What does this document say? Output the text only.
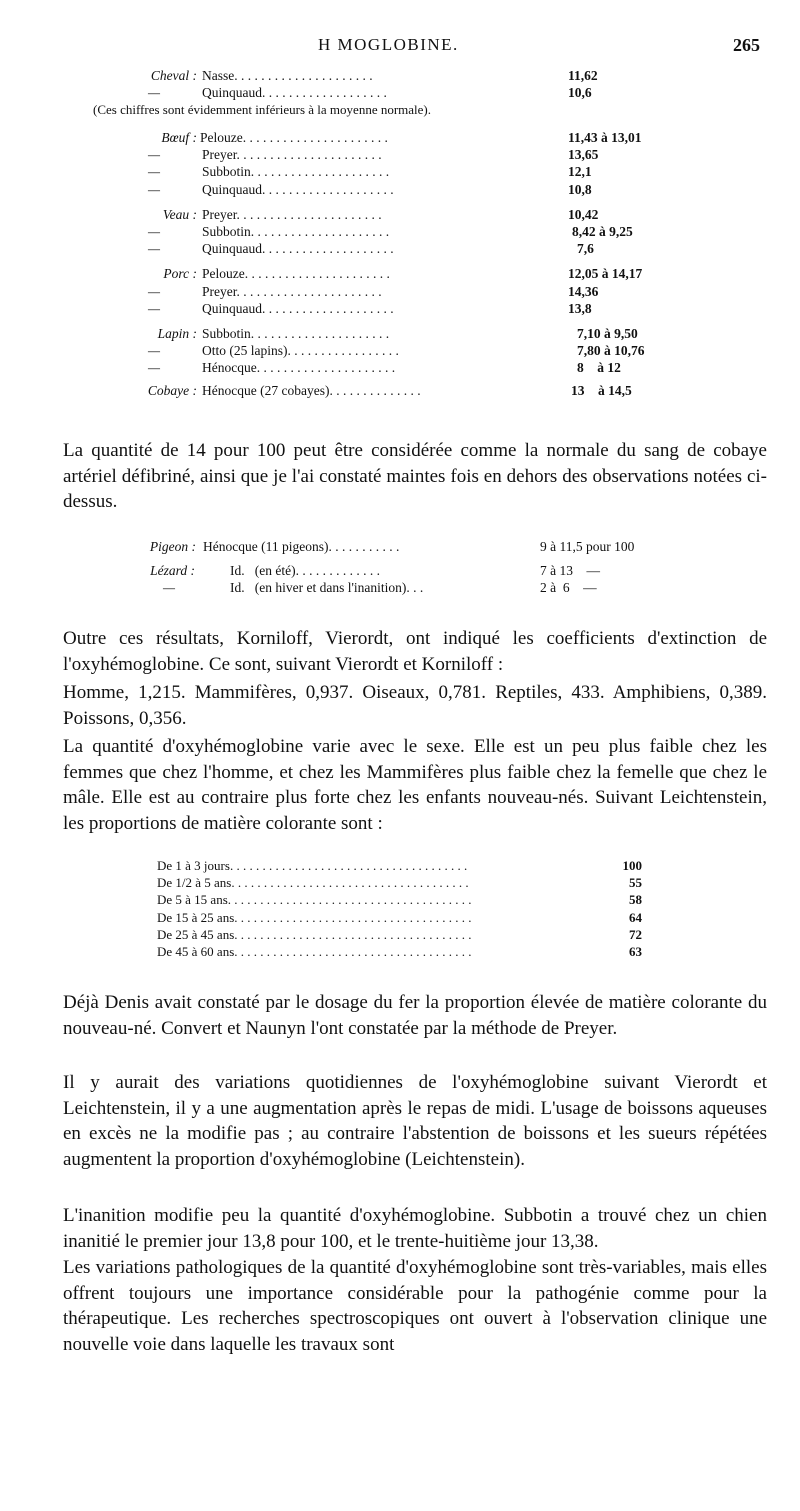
H MOGLOBINE.	265
Cheval : Nasse. . . . . . . . . . . . . . . . . . . . .	11,62
—	Quinquaud. . . . . . . . . . . . . . . . . . .	10,6
(Ces chiffres sont évidemment inférieurs à la moyenne normale).
Bœuf : Pelouze. . . . . . . . . . . . . . . . . . . . . .	11,43 à 13,01
—	Preyer. . . . . . . . . . . . . . . . . . . . . .	13,65
—	Subbotin. . . . . . . . . . . . . . . . . . . . .	12,1
—	Quinquaud. . . . . . . . . . . . . . . . . . . .	10,8
Veau : Preyer. . . . . . . . . . . . . . . . . . . . . .	10,42
—	Subbotin. . . . . . . . . . . . . . . . . . . . .	8,42 à 9,25
—	Quinquaud. . . . . . . . . . . . . . . . . . . .	7,6
Porc : Pelouze. . . . . . . . . . . . . . . . . . . . . .	12,05 à 14,17
—	Preyer. . . . . . . . . . . . . . . . . . . . . .	14,36
—	Quinquaud. . . . . . . . . . . . . . . . . . . .	13,8
Lapin : Subbotin. . . . . . . . . . . . . . . . . . . . .	7,10 à 9,50
—	Otto (25 lapins). . . . . . . . . . . . . . . . .	7,80 à 10,76
—	Hénocque. . . . . . . . . . . . . . . . . . . . .	8    à 12
Cobaye : Hénocque (27 cobayes). . . . . . . . . . . . . .	13    à 14,5

La quantité de 14 pour 100 peut être considérée comme la normale du sang de cobaye artériel défibriné, ainsi que je l'ai constaté maintes fois en dehors des observations notées ci-dessus.

Pigeon : Hénocque (11 pigeons). . . . . . . . . . .	9 à 11,5 pour 100
Lézard :	Id.   (en été). . . . . . . . . . . . .	7 à 13    —
—	Id.   (en hiver et dans l'inanition). . .	2 à  6    —

Outre ces résultats, Korniloff, Vierordt, ont indiqué les coefficients d'extinction de l'oxyhémoglobine. Ce sont, suivant Vierordt et Korniloff :

Homme, 1,215. Mammifères, 0,937. Oiseaux, 0,781. Reptiles, 433. Amphibiens, 0,389. Poissons, 0,356.

La quantité d'oxyhémoglobine varie avec le sexe. Elle est un peu plus faible chez les femmes que chez l'homme, et chez les Mammifères plus faible chez la femelle que chez le mâle. Elle est au contraire plus forte chez les enfants nouveau-nés. Suivant Leichtenstein, les proportions de matière colorante sont :

De 1 à 3 jours. . . . . . . . . . . . . . . . . . . . . . . . . . . . . . . . . . . . .	100
De 1/2 à 5 ans. . . . . . . . . . . . . . . . . . . . . . . . . . . . . . . . . . . . .	55
De 5 à 15 ans. . . . . . . . . . . . . . . . . . . . . . . . . . . . . . . . . . . . . .	58
De 15 à 25 ans. . . . . . . . . . . . . . . . . . . . . . . . . . . . . . . . . . . . .	64
De 25 à 45 ans. . . . . . . . . . . . . . . . . . . . . . . . . . . . . . . . . . . . .	72
De 45 à 60 ans. . . . . . . . . . . . . . . . . . . . . . . . . . . . . . . . . . . . .	63

Déjà Denis avait constaté par le dosage du fer la proportion élevée de matière colorante du nouveau-né. Convert et Naunyn l'ont constatée par la méthode de Preyer.

Il y aurait des variations quotidiennes de l'oxyhémoglobine suivant Vierordt et Leichtenstein, il y a une augmentation après le repas de midi. L'usage de boissons aqueuses en excès ne la modifie pas ; au contraire l'abstention de boissons et les sueurs répétées augmentent la proportion d'oxyhémoglobine (Leichtenstein).

L'inanition modifie peu la quantité d'oxyhémoglobine. Subbotin a trouvé chez un chien inanitié le premier jour 13,8 pour 100, et le trente-huitième jour 13,38.

Les variations pathologiques de la quantité d'oxyhémoglobine sont très-variables, mais elles offrent toujours une importance considérable pour la pathogénie comme pour la thérapeutique. Les recherches spectroscopiques ont ouvert à l'observation clinique une nouvelle voie dans laquelle les travaux sont
